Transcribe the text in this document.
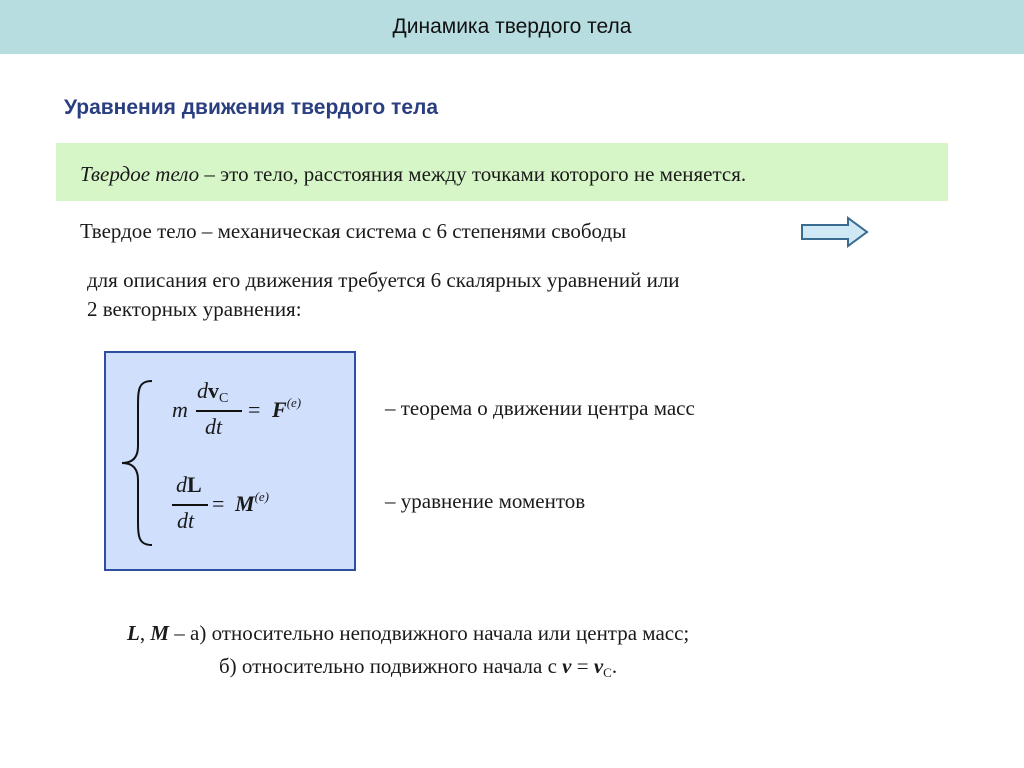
Динамика твердого тела
Уравнения движения твердого тела
Твердое тело – это тело, расстояния между точками которого не меняется.
Твердое тело – механическая система с 6 степенями свободы
для описания его движения требуется 6 скалярных уравнений или
2 векторных уравнения:
m
$dv_C$
dt
= $F^{(e)}$
dL
dt
= $M^{(e)}$
– теорема о движении центра масс
– уравнение моментов
L, M – а) относительно неподвижного начала или центра масс;
б) относительно подвижного начала с $v = v_C$.
